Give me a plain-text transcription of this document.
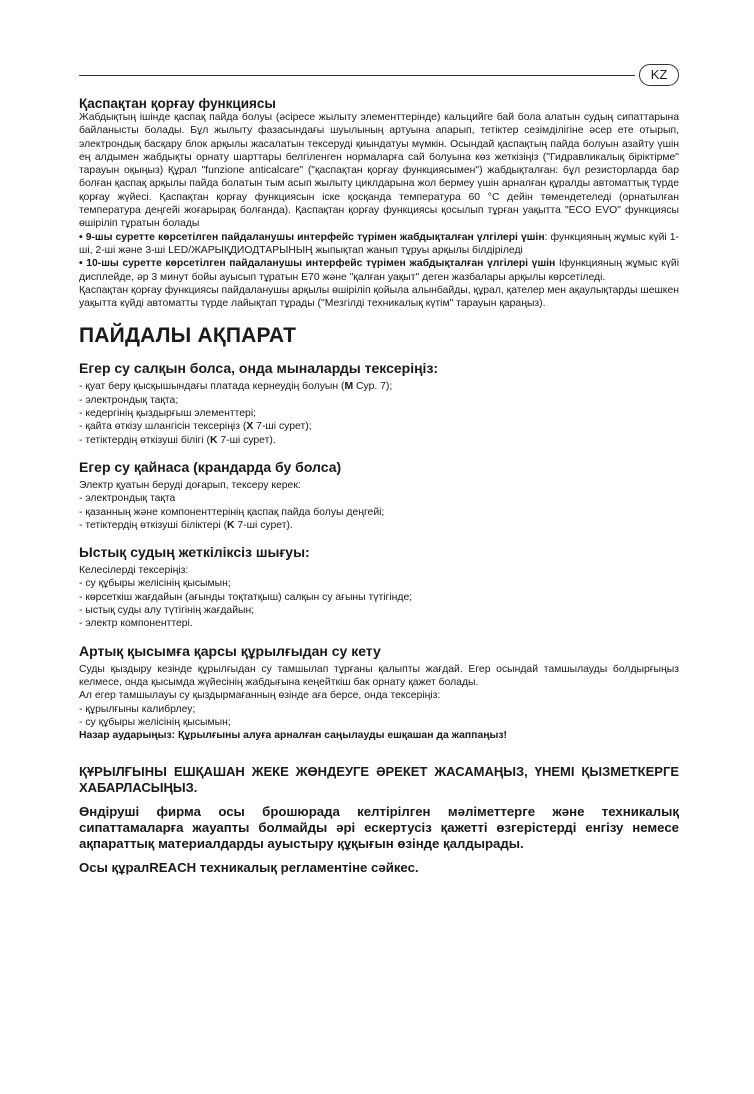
KZ
Қаспақтан қорғау функциясы

Жабдықтың ішінде қаспақ пайда болуы (әсіресе жылыту элементтерінде) кальцийге бай бола алатын судың сипаттарына байланысты болады. Бұл жылыту фазасындағы шуылының артуына апарып, тетіктер сезімділігіне әсер ете отырып, электрондық басқару блок арқылы жасалатын тексеруді қиындатуы мүмкін. Осындай қаспақтың пайда болуын азайту үшін ең алдымен жабдықты орнату шарттары белгіленген нормаларға сай болуына көз жеткізіңіз ("Гидравликалық біріктірме" тарауын оқыңыз) Құрал "funzione anticalcare" ("қаспақтан қорғау функциясымен") жабдықталған: бұл резисторларда бар болған қаспақ арқылы пайда болатын тым асып жылыту циклдарына жол бермеу үшін арналған құралды автоматтық түрде қорғау жүйесі. Қаспақтан қорғау функциясын іске қосқанда температура 60 °C дейін төмендетеледі (орнатылған температура деңгейі жоғарырақ болғанда). Қаспақтан қорғау функциясы қосылып тұрған уақытта "ECO EVO" функциясы өшіріліп тұратын болады

• 9-шы суретте көрсетілген пайдаланушы интерфейс түрімен жабдықталған үлгілері үшін: функцияның жұмыс күйі 1-ші, 2-ші және 3-ші LED/ЖАРЫҚДИОДТАРЫНЫҢ жыпықтап жанып тұруы арқылы білдіріледі

• 10-шы суретте көрсетілген пайдаланушы интерфейс түрімен жабдықталған үлгілері үшін Іфункцияның жұмыс күйі дисплейде, әр 3 минут бойы ауысып тұратын E70 және "қалған уақыт" деген жазбалары арқылы көрсетіледі.

Қаспақтан қорғау функциясы пайдаланушы арқылы өшіріліп қойыла алынбайды, құрал, қателер мен ақаулықтарды шешкен уақытта күйді автоматты түрде лайықтап тұрады ("Мезгілді техникалық күтім" тарауын қараңыз).

ПАЙДАЛЫ АҚПАРАТ
Егер су салқын болса, онда мыналарды тексеріңіз:
- қуат беру қысқышындағы платада кернеудің болуын (M Сур. 7);
- электрондық тақта;
- кедергінің қыздырғыш элементтері;
- қайта өткізу шлангісін тексеріңіз (X 7-ші сурет);
- тетіктердің өткізуші білігі (K 7-ші сурет).
Егер су қайнаса (крандарда бу болса)
Электр қуатын беруді доғарып, тексеру керек:
- электрондық тақта
- қазанның және компоненттерінің қаспақ пайда болуы деңгейі;
- тетіктердің өткізуші біліктері (K 7-ші сурет).
Ыстық судың жеткіліксіз шығуы:
Келесілерді тексеріңіз:
- су құбыры желісінің қысымын;
- көрсеткіш жағдайын (ағынды тоқтатқыш) салқын су ағыны түтігінде;
- ыстық суды алу түтігінің жағдайын;
- электр компоненттері.
Артық қысымға қарсы құрылғыдан су кету

Суды қыздыру кезінде құрылғыдан су тамшылап тұрғаны қалыпты жағдай. Егер осындай тамшылауды болдырғыңыз келмесе, онда қысымда жүйесінің жабдығына кеңейткіш бак орнату қажет болады.

Ал егер тамшылауы су қыздырмағанның өзінде аға берсе, онда тексеріңіз:

- құрылғыны калибрлеу;
- су құбыры желісінің қысымын;

Назар аударыңыз: Құрылғыны алуға арналған саңылауды ешқашан да жаппаңыз!

ҚҰРЫЛҒЫНЫ ЕШҚАШАН ЖЕКЕ ЖӨНДЕУГЕ ӘРЕКЕТ ЖАСАМАҢЫЗ, ҮНЕМІ ҚЫЗМЕТКЕРГЕ ХАБАРЛАСЫҢЫЗ.

Өндіруші фирма осы брошюрада келтірілген мәліметтерге және техникалық сипаттамаларға жауапты болмайды әрі ескертусіз қажетті өзгерістерді енгізу немесе ақпараттық материалдарды ауыстыру құқығын өзінде қалдырады.

Осы құралREACH техникалық регламентіне сәйкес.
